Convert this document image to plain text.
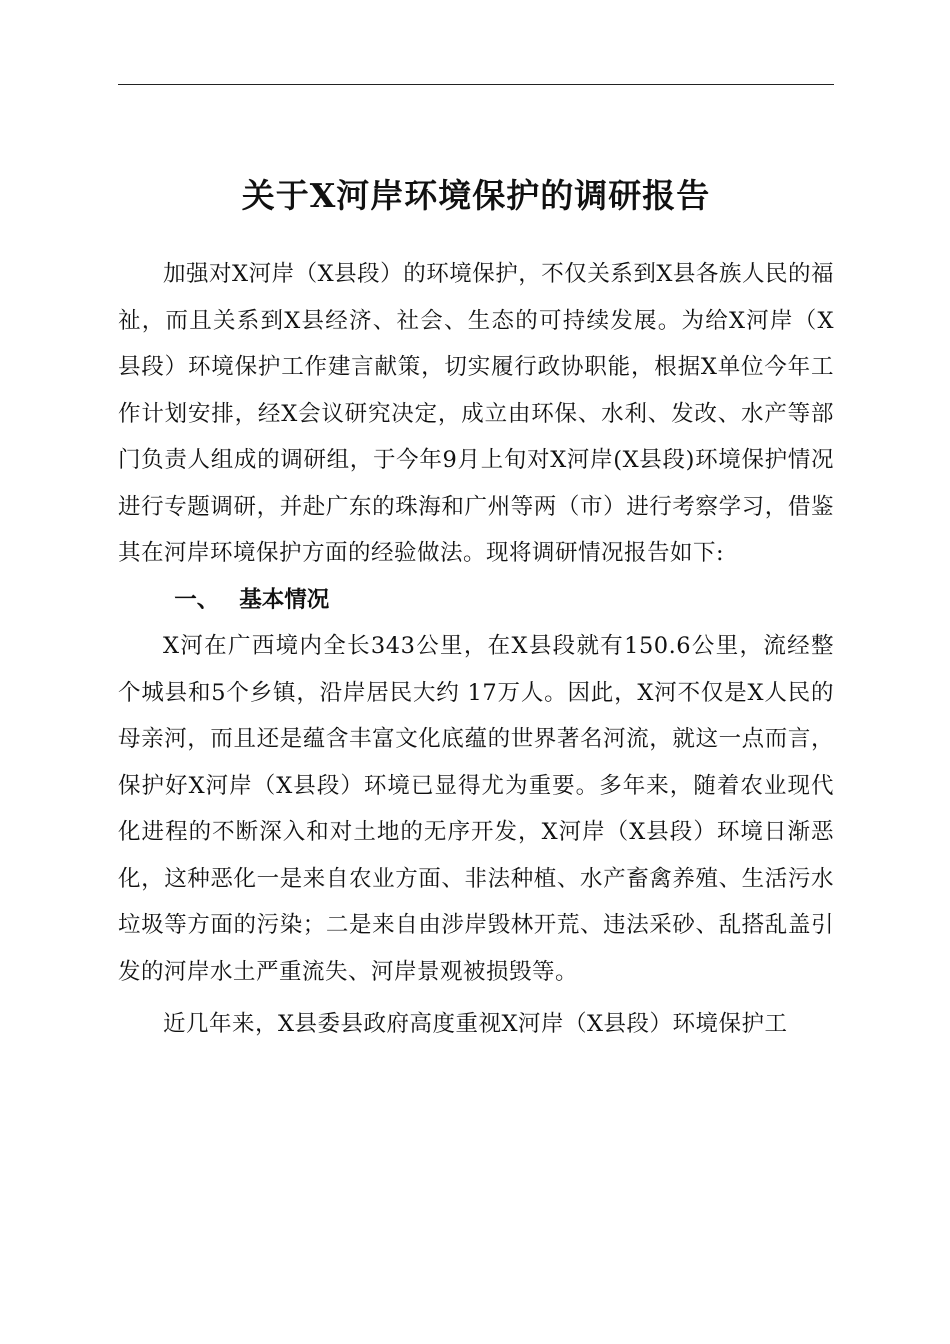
关于X河岸环境保护的调研报告

加强对X河岸（X县段）的环境保护，不仅关系到X县各族人民的福祉，而且关系到X县经济、社会、生态的可持续发展。为给X河岸（X县段）环境保护工作建言献策，切实履行政协职能，根据X单位今年工作计划安排，经X会议研究决定，成立由环保、水利、发改、水产等部门负责人组成的调研组，于今年9月上旬对X河岸(X县段)环境保护情况进行专题调研，并赴广东的珠海和广州等两（市）进行考察学习，借鉴其在河岸环境保护方面的经验做法。现将调研情况报告如下:

一、 基本情况

X河在广西境内全长343公里，在X县段就有150.6公里，流经整个城县和5个乡镇，沿岸居民大约 17万人。因此，X河不仅是X人民的母亲河，而且还是蕴含丰富文化底蕴的世界著名河流，就这一点而言，保护好X河岸（X县段）环境已显得尤为重要。多年来，随着农业现代化进程的不断深入和对土地的无序开发，X河岸（X县段）环境日渐恶化，这种恶化一是来自农业方面、非法种植、水产畜禽养殖、生活污水垃圾等方面的污染；二是来自由涉岸毁林开荒、违法采砂、乱搭乱盖引发的河岸水土严重流失、河岸景观被损毁等。

近几年来，X县委县政府高度重视X河岸（X县段）环境保护工
